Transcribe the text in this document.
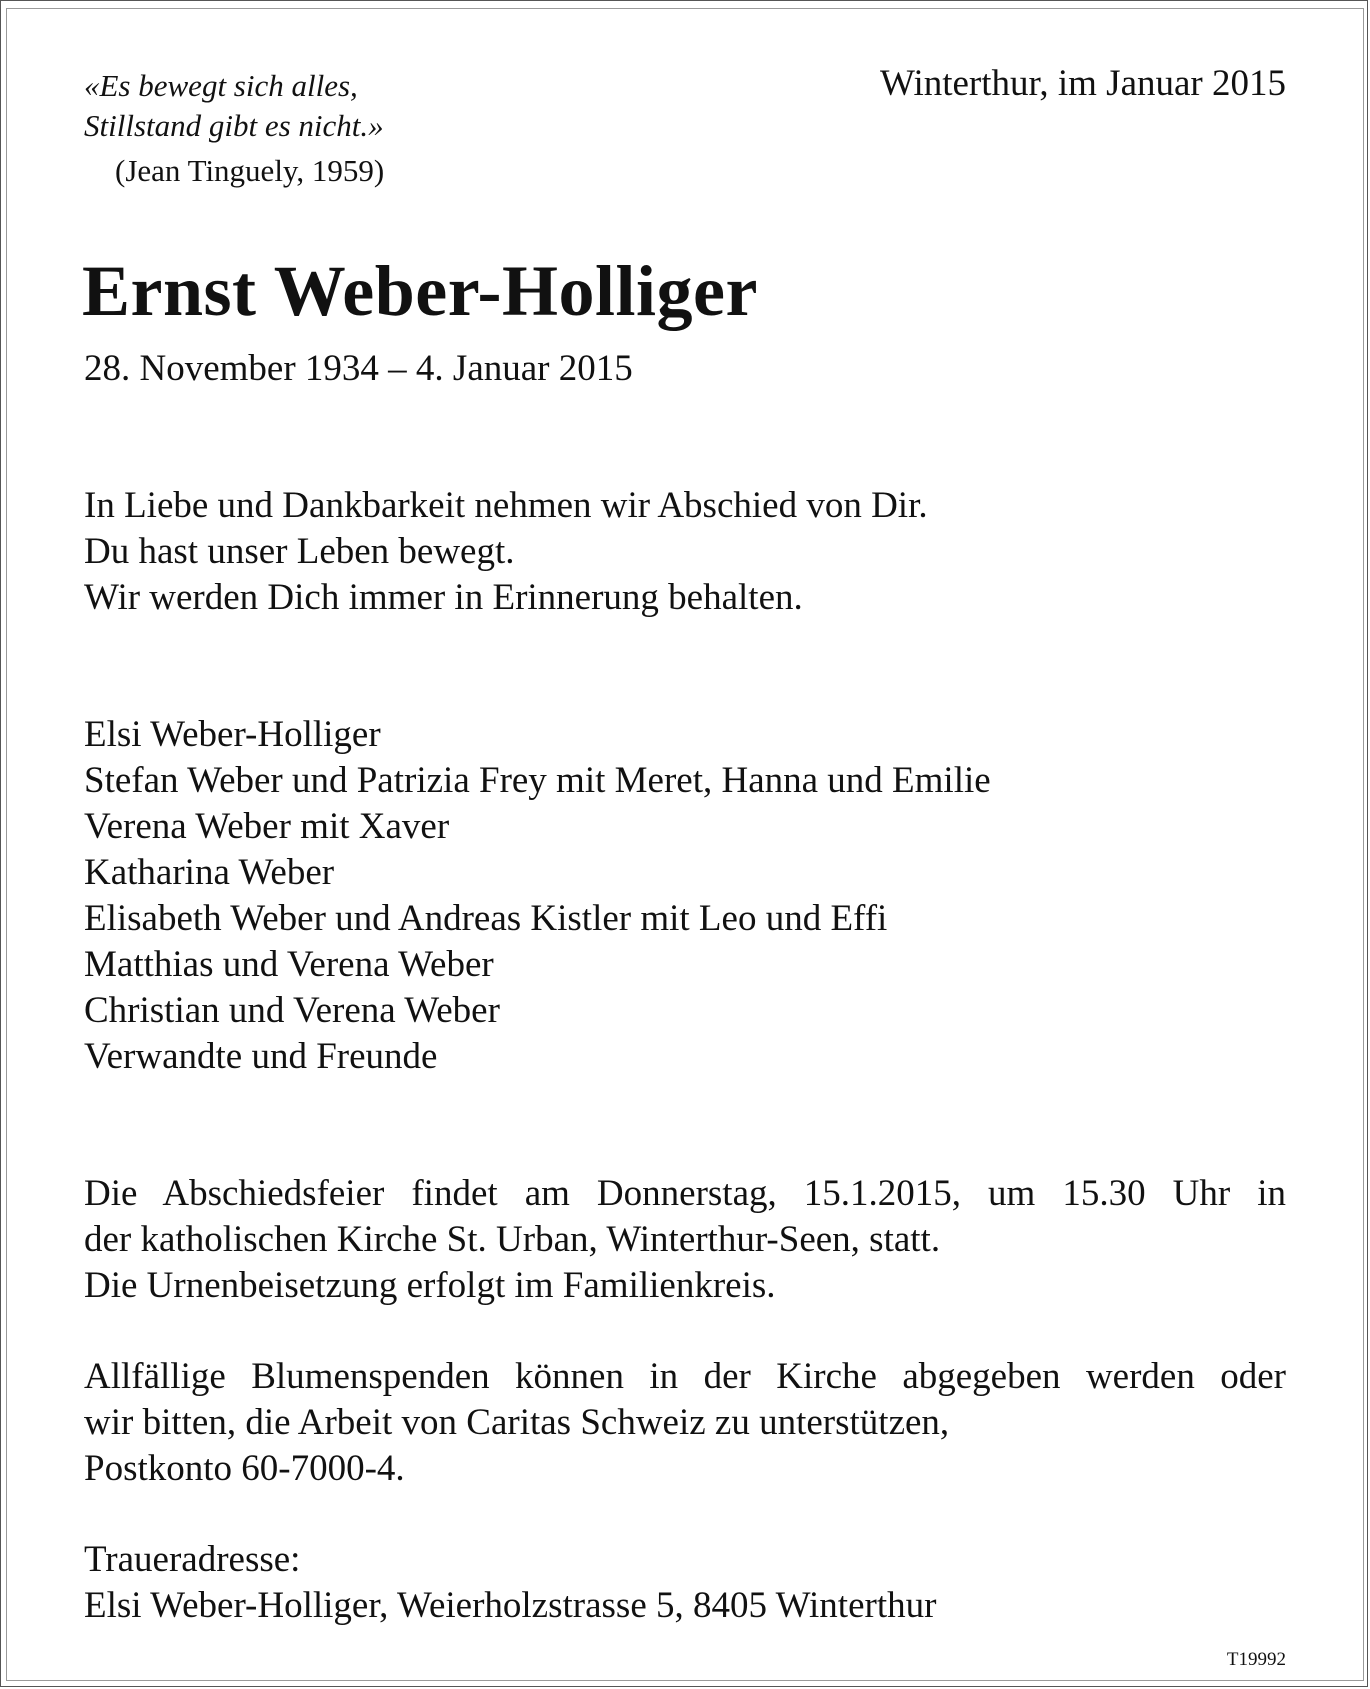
«Es bewegt sich alles,
Stillstand gibt es nicht.»
(Jean Tinguely, 1959)
Winterthur, im Januar 2015
Ernst Weber-Holliger
28. November 1934 – 4. Januar 2015
In Liebe und Dankbarkeit nehmen wir Abschied von Dir.
Du hast unser Leben bewegt.
Wir werden Dich immer in Erinnerung behalten.
Elsi Weber-Holliger
Stefan Weber und Patrizia Frey mit Meret, Hanna und Emilie
Verena Weber mit Xaver
Katharina Weber
Elisabeth Weber und Andreas Kistler mit Leo und Effi
Matthias und Verena Weber
Christian und Verena Weber
Verwandte und Freunde
Die Abschiedsfeier findet am Donnerstag, 15.1.2015, um 15.30 Uhr in
der katholischen Kirche St. Urban, Winterthur-Seen, statt.
Die Urnenbeisetzung erfolgt im Familienkreis.
Allfällige Blumenspenden können in der Kirche abgegeben werden oder
wir bitten, die Arbeit von Caritas Schweiz zu unterstützen,
Postkonto 60-7000-4.
Traueradresse:
Elsi Weber-Holliger, Weierholzstrasse 5, 8405 Winterthur
T19992
